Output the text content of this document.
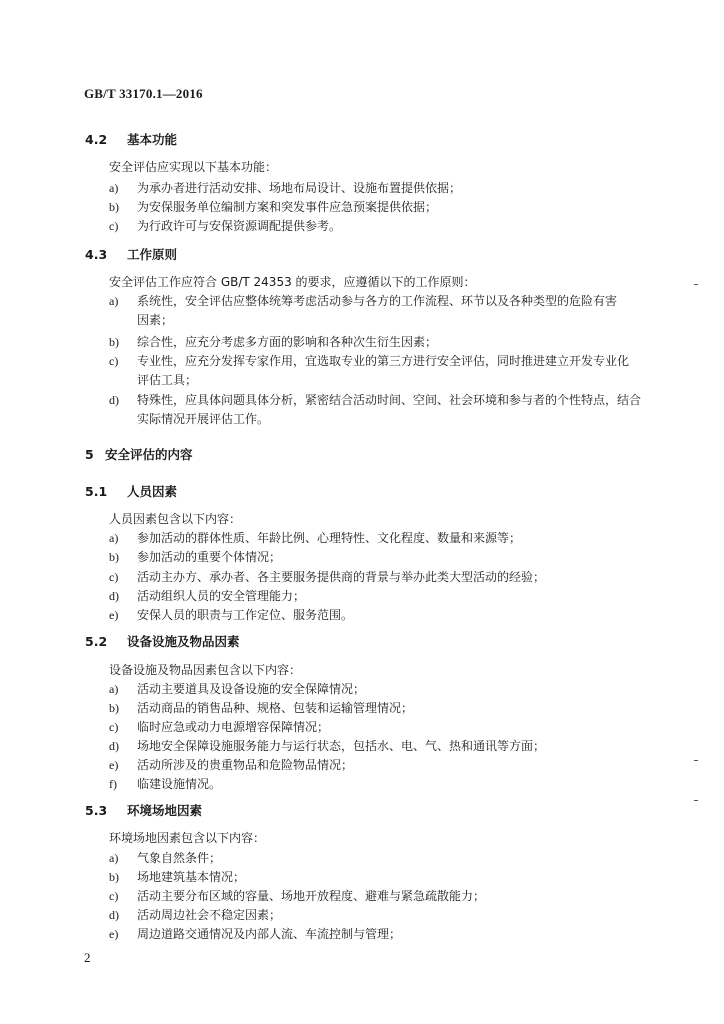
GB/T 33170.1—2016
4.2 基本功能
安全评估应实现以下基本功能：
a) 为承办者进行活动安排、场地布局设计、设施布置提供依据；
b) 为安保服务单位编制方案和突发事件应急预案提供依据；
c) 为行政许可与安保资源调配提供参考。
4.3 工作原则
安全评估工作应符合 GB/T 24353 的要求，应遵循以下的工作原则：
a) 系统性，安全评估应整体统筹考虑活动参与各方的工作流程、环节以及各种类型的危险有害
因素；
b) 综合性，应充分考虑多方面的影响和各种次生衍生因素；
c) 专业性，应充分发挥专家作用，宜选取专业的第三方进行安全评估，同时推进建立开发专业化
评估工具；
d) 特殊性，应具体问题具体分析，紧密结合活动时间、空间、社会环境和参与者的个性特点，结合
实际情况开展评估工作。
5 安全评估的内容
5.1 人员因素
人员因素包含以下内容：
a) 参加活动的群体性质、年龄比例、心理特性、文化程度、数量和来源等；
b) 参加活动的重要个体情况；
c) 活动主办方、承办者、各主要服务提供商的背景与举办此类大型活动的经验；
d) 活动组织人员的安全管理能力；
e) 安保人员的职责与工作定位、服务范围。
5.2 设备设施及物品因素
设备设施及物品因素包含以下内容：
a) 活动主要道具及设备设施的安全保障情况；
b) 活动商品的销售品种、规格、包装和运输管理情况；
c) 临时应急或动力电源增容保障情况；
d) 场地安全保障设施服务能力与运行状态，包括水、电、气、热和通讯等方面；
e) 活动所涉及的贵重物品和危险物品情况；
f) 临建设施情况。
5.3 环境场地因素
环境场地因素包含以下内容：
a) 气象自然条件；
b) 场地建筑基本情况；
c) 活动主要分布区域的容量、场地开放程度、避难与紧急疏散能力；
d) 活动周边社会不稳定因素；
e) 周边道路交通情况及内部人流、车流控制与管理；
2
